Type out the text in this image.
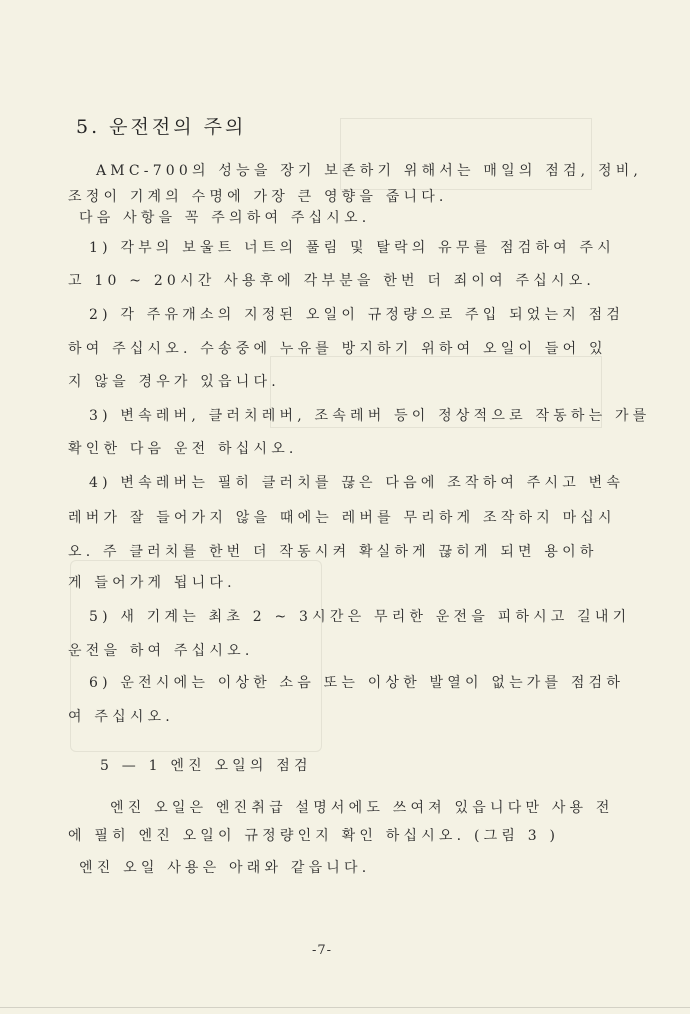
5. 운전전의 주의
AMC-700의 성능을 장기 보존하기 위해서는 매일의 점검, 정비,
조정이 기계의 수명에 가장 큰 영향을 줍니다.
다음 사항을 꼭 주의하여 주십시오.
1) 각부의 보울트 너트의 풀림 및 탈락의 유무를 점검하여 주시
고 10 ~ 20시간 사용후에 각부분을 한번 더 죄이여 주십시오.
2) 각 주유개소의 지정된 오일이 규정량으로 주입 되었는지 점검
하여 주십시오. 수송중에 누유를 방지하기 위하여 오일이 들어 있
지 않을 경우가 있읍니다.
3) 변속레버, 클러치레버, 조속레버 등이 정상적으로 작동하는 가를
확인한 다음 운전 하십시오.
4) 변속레버는 필히 클러치를 끊은 다음에 조작하여 주시고 변속
레버가 잘 들어가지 않을 때에는 레버를 무리하게 조작하지 마십시
오. 주 클러치를 한번 더 작동시켜 확실하게 끊히게 되면 용이하
게 들어가게 됩니다.
5) 새 기계는 최초 2 ~ 3시간은 무리한 운전을 피하시고 길내기
운전을 하여 주십시오.
6) 운전시에는 이상한 소음 또는 이상한 발열이 없는가를 점검하
여 주십시오.
5 — 1 엔진 오일의 점검
엔진 오일은 엔진취급 설명서에도 쓰여져 있읍니다만 사용 전
에 필히 엔진 오일이 규정량인지 확인 하십시오. (그림 3 )
엔진 오일 사용은 아래와 같읍니다.
-7-
